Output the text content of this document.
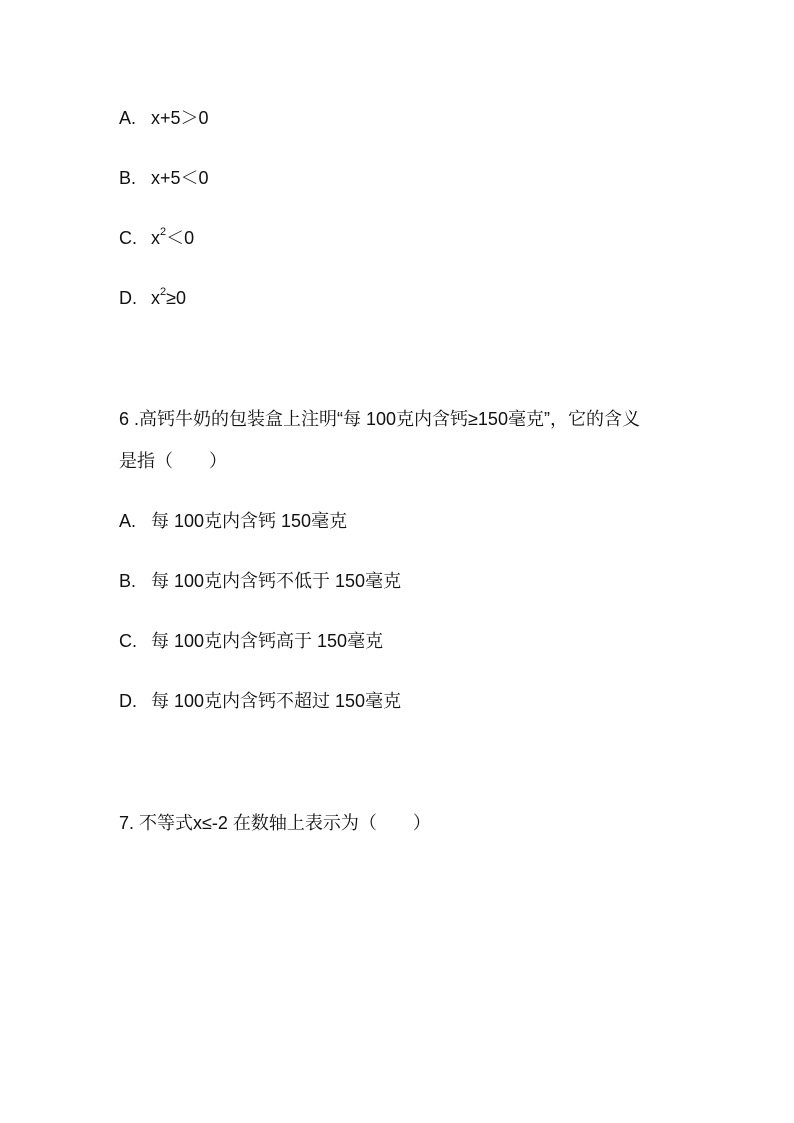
A. x+5＞0
B. x+5＜0
C. $x^2<0$
D. $x^2\ge 0$
6 .高钙牛奶的包装盒上注明“每 100克内含钙≥150毫克”，它的含义
是指（　　）
A. 每 100克内含钙 150毫克
B. 每 100克内含钙不低于 150毫克
C. 每 100克内含钙高于 150毫克
D. 每 100克内含钙不超过 150毫克
7. 不等式x≤-2 在数轴上表示为（　　）
